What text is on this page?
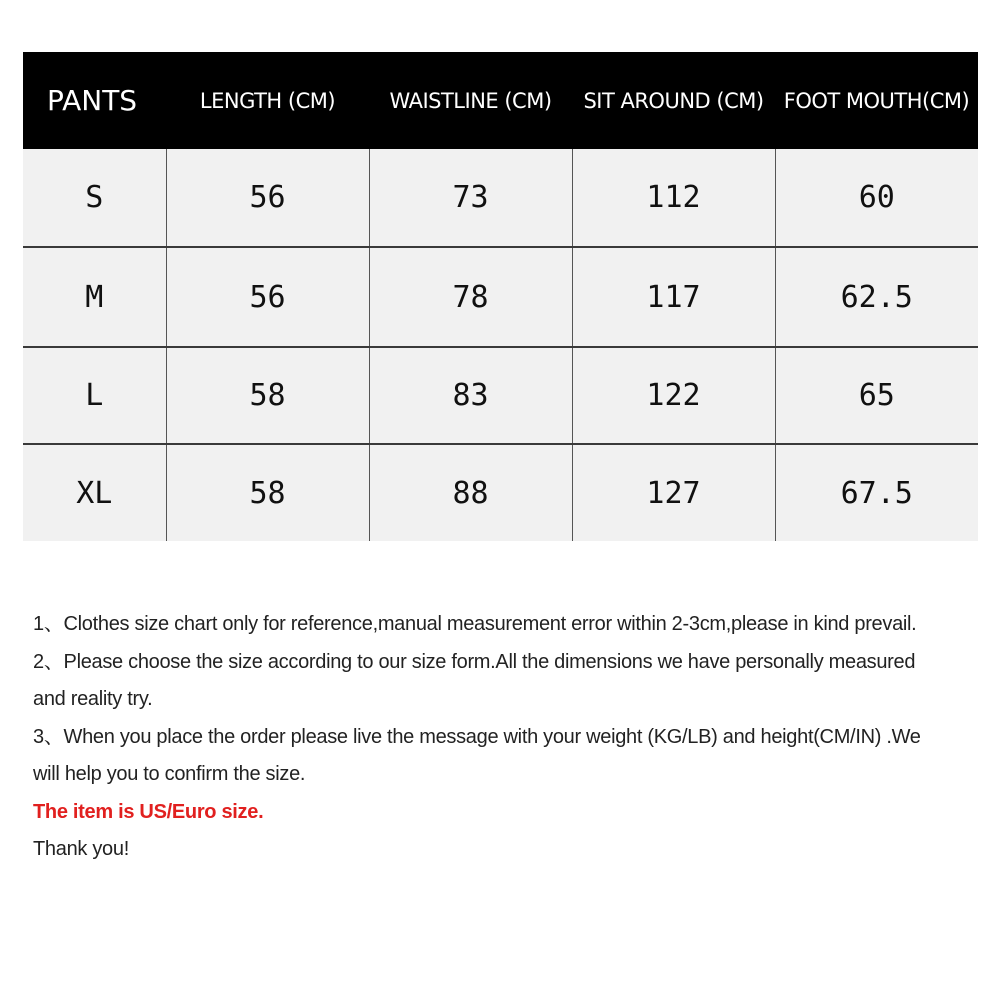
PANTS	LENGTH (CM)	WAISTLINE (CM)	SIT AROUND (CM)	FOOT MOUTH(CM)
S	56	73	112	60
M	56	78	117	62.5
L	58	83	122	65
XL	58	88	127	67.5

1、Clothes size chart only for reference,manual measurement error within 2-3cm,please in kind prevail.

2、Please choose the size according to our size form.All the dimensions we have personally measured and reality try.

3、When you place the order please live the message with your weight (KG/LB) and height(CM/IN) .We will help you to confirm the size.

The item is US/Euro size.

Thank you!
